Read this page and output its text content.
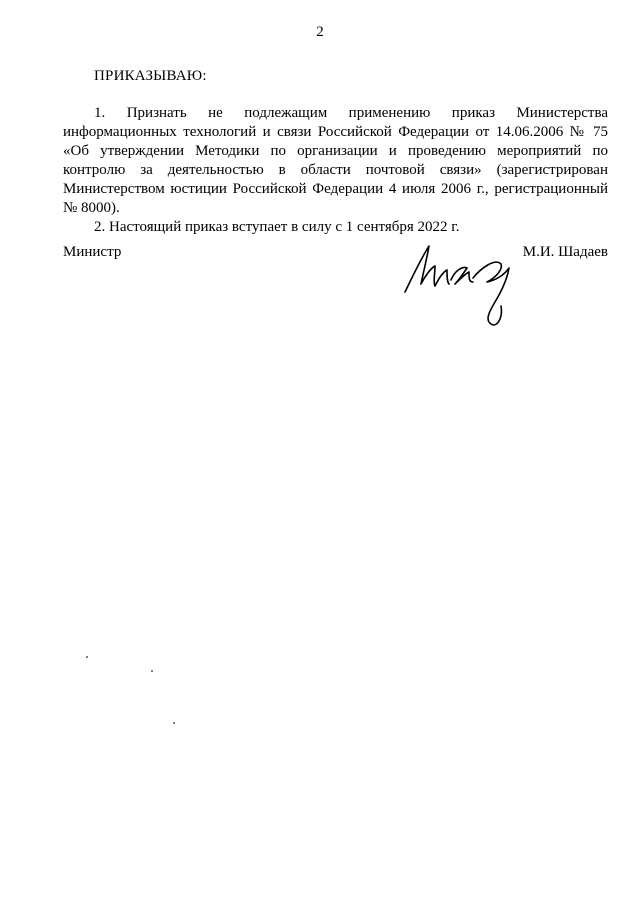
2
ПРИКАЗЫВАЮ:

1. Признать не подлежащим применению приказ Министерства информационных технологий и связи Российской Федерации от 14.06.2006 № 75 «Об утверждении Методики по организации и проведению мероприятий по контролю за деятельностью в области почтовой связи» (зарегистрирован Министерством юстиции Российской Федерации 4 июля 2006 г., регистрационный № 8000).

2. Настоящий приказ вступает в силу с 1 сентября 2022 г.

Министр	М.И. Шадаев
